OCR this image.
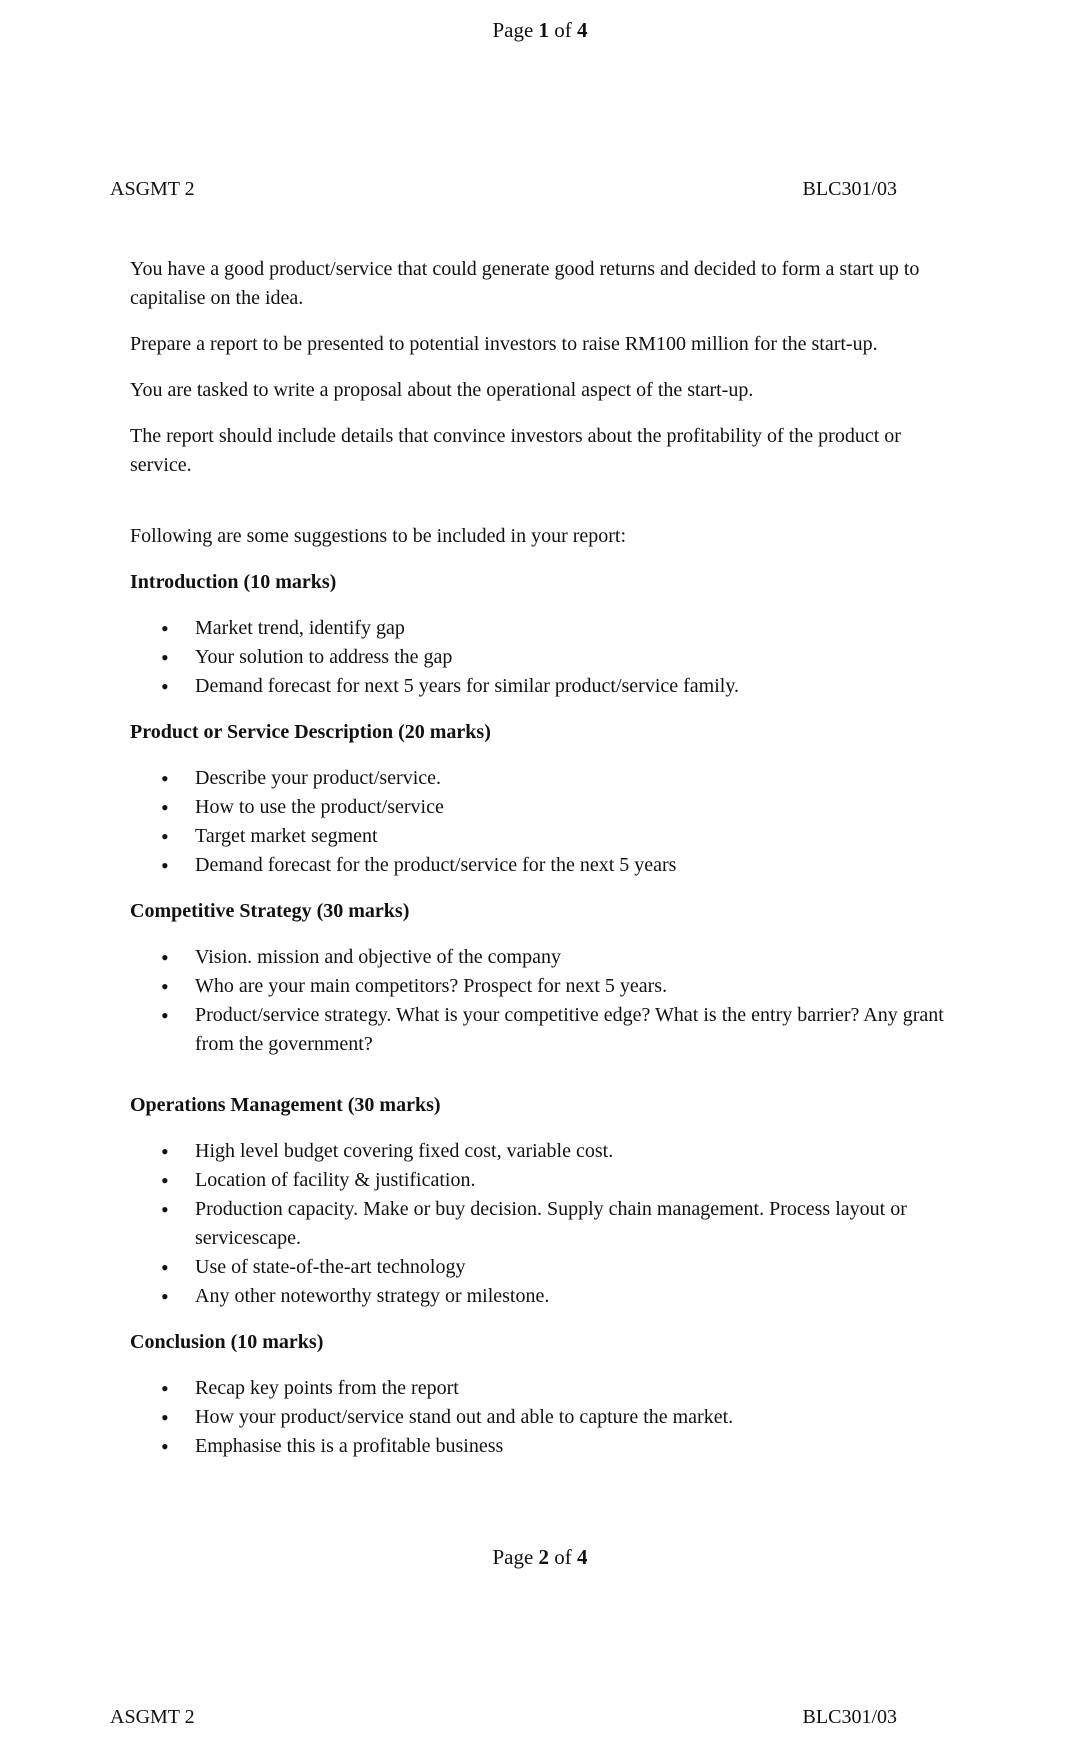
Page 1 of 4
ASGMT 2	BLC301/03

You have a good product/service that could generate good returns and decided to form a start up to capitalise on the idea.

Prepare a report to be presented to potential investors to raise RM100 million for the start-up.

You are tasked to write a proposal about the operational aspect of the start-up.

The report should include details that convince investors about the profitability of the product or service.

Following are some suggestions to be included in your report:

Introduction (10 marks)
• Market trend, identify gap
• Your solution to address the gap
• Demand forecast for next 5 years for similar product/service family.
Product or Service Description (20 marks)
• Describe your product/service.
• How to use the product/service
• Target market segment
• Demand forecast for the product/service for the next 5 years
Competitive Strategy (30 marks)
• Vision. mission and objective of the company
• Who are your main competitors? Prospect for next 5 years.
• Product/service strategy. What is your competitive edge? What is the entry barrier? Any grant from the government?
Operations Management (30 marks)
• High level budget covering fixed cost, variable cost.
• Location of facility & justification.
• Production capacity. Make or buy decision. Supply chain management. Process layout or servicescape.
• Use of state-of-the-art technology
• Any other noteworthy strategy or milestone.
Conclusion (10 marks)
• Recap key points from the report
• How your product/service stand out and able to capture the market.
• Emphasise this is a profitable business
Page 2 of 4
ASGMT 2	BLC301/03
